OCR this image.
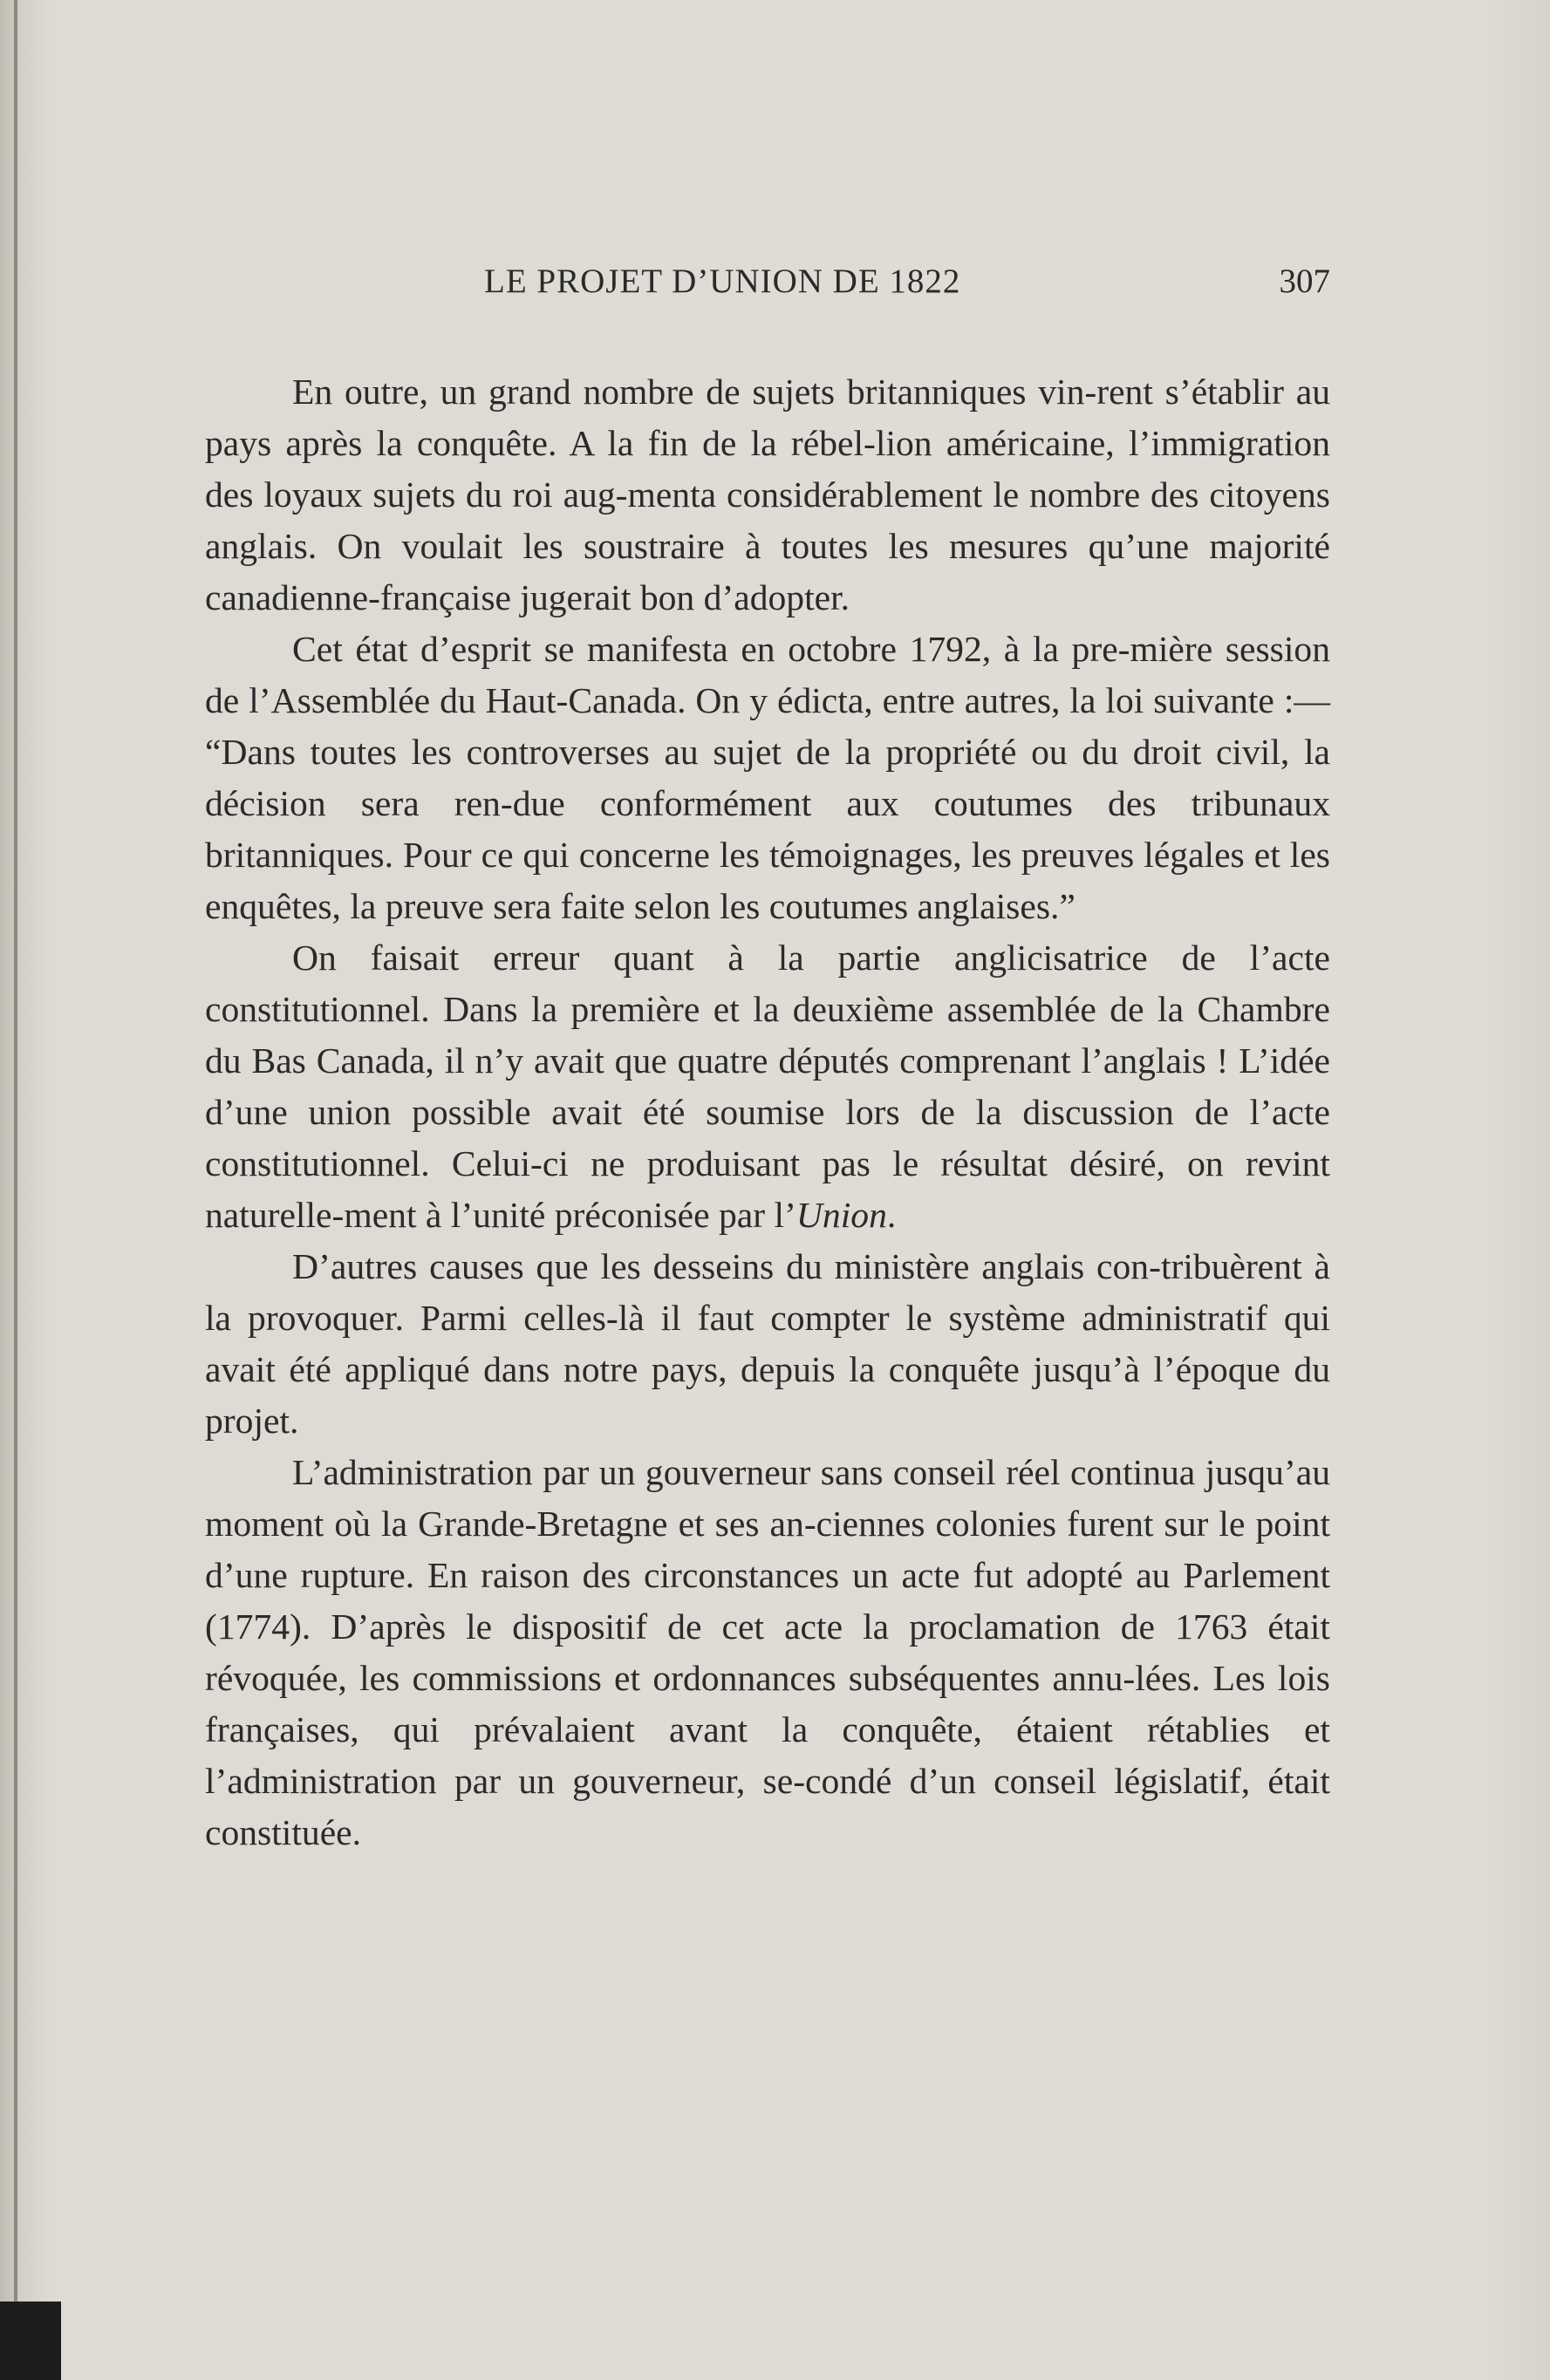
LE PROJET D’UNION DE 1822	307

En outre, un grand nombre de sujets britanniques vin-rent s’établir au pays après la conquête. A la fin de la rébel-lion américaine, l’immigration des loyaux sujets du roi aug-menta considérablement le nombre des citoyens anglais. On voulait les soustraire à toutes les mesures qu’une majorité canadienne-française jugerait bon d’adopter.

Cet état d’esprit se manifesta en octobre 1792, à la pre-mière session de l’Assemblée du Haut-Canada. On y édicta, entre autres, la loi suivante :— “Dans toutes les controverses au sujet de la propriété ou du droit civil, la décision sera ren-due conformément aux coutumes des tribunaux britanniques. Pour ce qui concerne les témoignages, les preuves légales et les enquêtes, la preuve sera faite selon les coutumes anglaises.”

On faisait erreur quant à la partie anglicisatrice de l’acte constitutionnel. Dans la première et la deuxième assemblée de la Chambre du Bas Canada, il n’y avait que quatre députés comprenant l’anglais ! L’idée d’une union possible avait été soumise lors de la discussion de l’acte constitutionnel. Celui-ci ne produisant pas le résultat désiré, on revint naturelle-ment à l’unité préconisée par l’Union.

D’autres causes que les desseins du ministère anglais con-tribuèrent à la provoquer. Parmi celles-là il faut compter le système administratif qui avait été appliqué dans notre pays, depuis la conquête jusqu’à l’époque du projet.

L’administration par un gouverneur sans conseil réel continua jusqu’au moment où la Grande-Bretagne et ses an-ciennes colonies furent sur le point d’une rupture. En raison des circonstances un acte fut adopté au Parlement (1774). D’après le dispositif de cet acte la proclamation de 1763 était révoquée, les commissions et ordonnances subséquentes annu-lées. Les lois françaises, qui prévalaient avant la conquête, étaient rétablies et l’administration par un gouverneur, se-condé d’un conseil législatif, était constituée.
